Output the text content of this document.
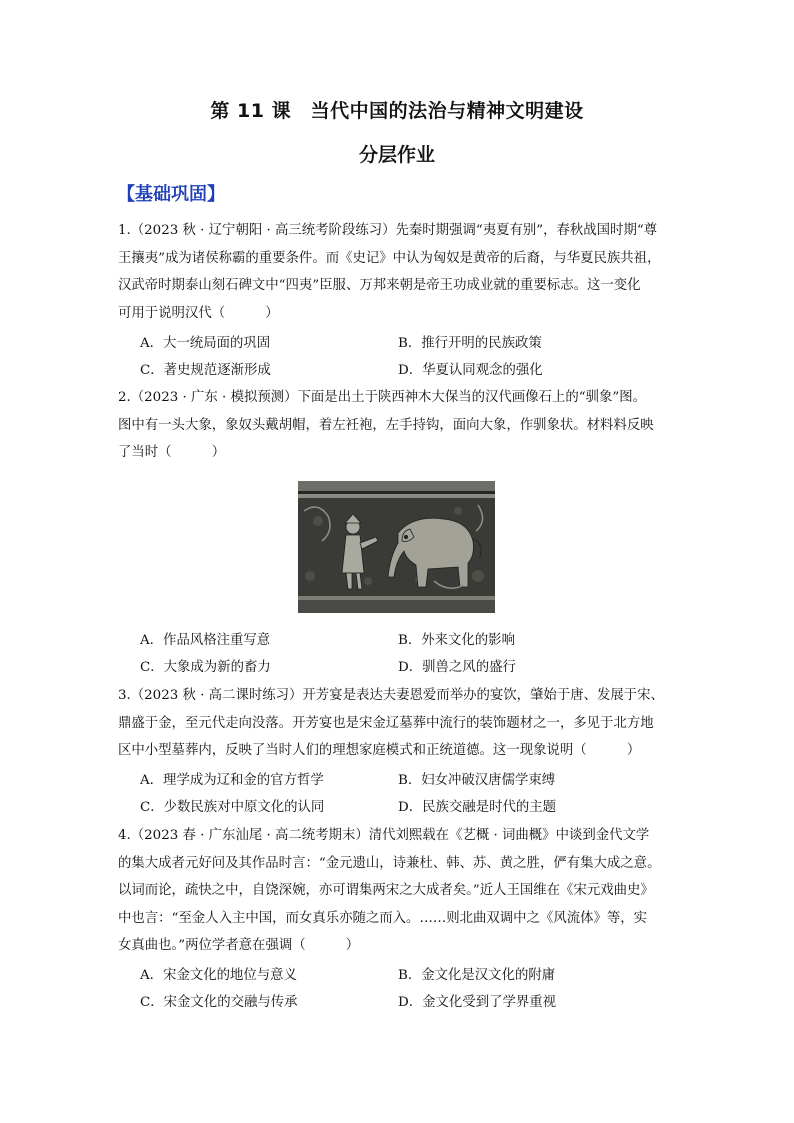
第 11 课　当代中国的法治与精神文明建设
分层作业
【基础巩固】
1.（2023 秋 · 辽宁朝阳 · 高三统考阶段练习）先秦时期强调“夷夏有别”，春秋战国时期“尊
王攘夷”成为诸侯称霸的重要条件。而《史记》中认为匈奴是黄帝的后裔，与华夏民族共祖，
汉武帝时期泰山刻石碑文中“四夷”臣服、万邦来朝是帝王功成业就的重要标志。这一变化
可用于说明汉代（　　　）
A．大一统局面的巩固	B．推行开明的民族政策
C．著史规范逐渐形成	D．华夏认同观念的强化
2.（2023 · 广东 · 模拟预测）下面是出土于陕西神木大保当的汉代画像石上的“驯象”图。
图中有一头大象，象奴头戴胡帽，着左衽袍，左手持钩，面向大象，作驯象状。材料料反映
了当时（　　　）
A．作品风格注重写意	B．外来文化的影响
C．大象成为新的畜力	D．驯兽之风的盛行
3.（2023 秋 · 高二课时练习）开芳宴是表达夫妻恩爱而举办的宴饮，肇始于唐、发展于宋、
鼎盛于金，至元代走向没落。开芳宴也是宋金辽墓葬中流行的装饰题材之一，多见于北方地
区中小型墓葬内，反映了当时人们的理想家庭模式和正统道德。这一现象说明（　　　）
A．理学成为辽和金的官方哲学	B．妇女冲破汉唐儒学束缚
C．少数民族对中原文化的认同	D．民族交融是时代的主题
4.（2023 春 · 广东汕尾 · 高二统考期末）清代刘熙载在《艺概 · 词曲概》中谈到金代文学
的集大成者元好问及其作品时言：“金元遗山，诗兼杜、韩、苏、黄之胜，俨有集大成之意。
以词而论，疏快之中，自饶深婉，亦可谓集两宋之大成者矣。”近人王国维在《宋元戏曲史》
中也言：“至金人入主中国，而女真乐亦随之而入。……则北曲双调中之《风流体》等，实
女真曲也。”两位学者意在强调（　　　）
A．宋金文化的地位与意义	B．金文化是汉文化的附庸
C．宋金文化的交融与传承	D．金文化受到了学界重视
